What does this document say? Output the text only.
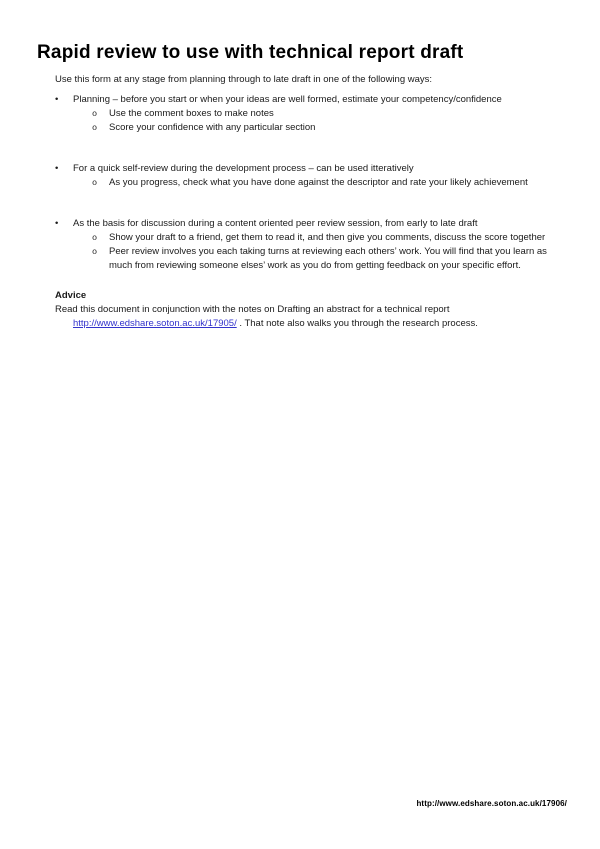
Rapid review to use with technical report draft
Use this form at any stage from planning through to late draft in one of the following ways:
•	Planning – before you start or when your ideas are well formed, estimate your competency/confidence
o	Use the comment boxes to make notes
o	Score your confidence with any particular section
•	For a quick self-review during the development process – can be used itteratively
o	As you progress, check what you have done against the descriptor and rate your likely achievement
•	As the basis for discussion during a content oriented peer review session, from early to late draft
o	Show your draft to a friend, get them to read it, and then give you comments, discuss the score together
o	Peer review involves you each taking turns at reviewing each others’ work. You will find that you learn as much from reviewing someone elses’ work as you do from getting feedback on your specific effort.
Advice
Read this document in conjunction with the notes on Drafting an abstract for a technical report
http://www.edshare.soton.ac.uk/17905/ . That note also walks you through the research process.
http://www.edshare.soton.ac.uk/17906/
